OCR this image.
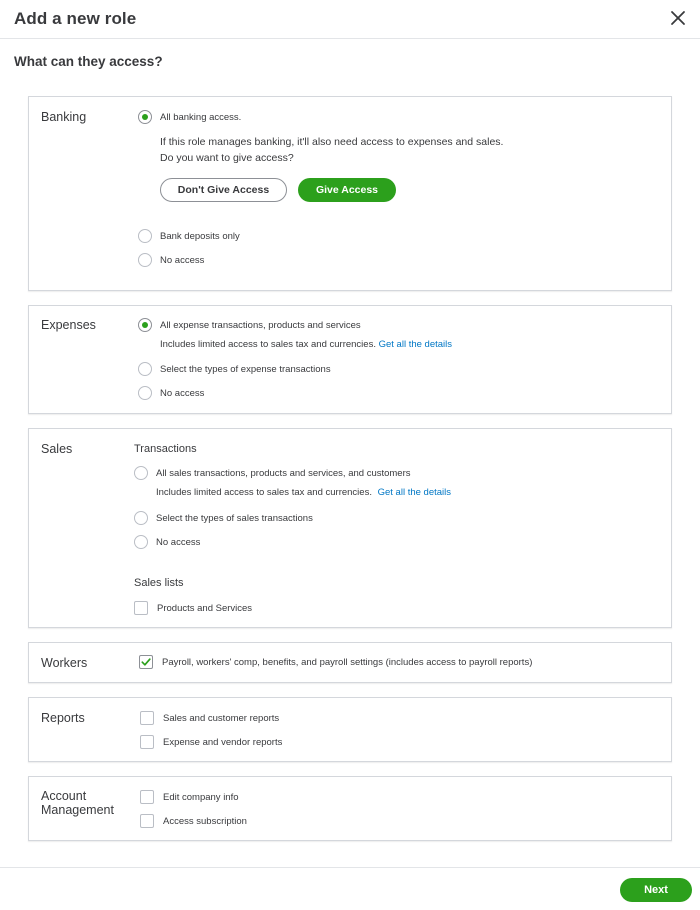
Add a new role
What can they access?
Banking	All banking access.
If this role manages banking, it'll also need access to expenses and sales.
Do you want to give access?
Don't Give Access	Give Access
Bank deposits only
No access
Expenses	All expense transactions, products and services
Includes limited access to sales tax and currencies. Get all the details
Select the types of expense transactions
No access
Sales	Transactions
All sales transactions, products and services, and customers
Includes limited access to sales tax and currencies. Get all the details
Select the types of sales transactions
No access
Sales lists
Products and Services
Workers	Payroll, workers' comp, benefits, and payroll settings (includes access to payroll reports)
Reports	Sales and customer reports
Expense and vendor reports
Account
Management
Edit company info
Access subscription
Next
